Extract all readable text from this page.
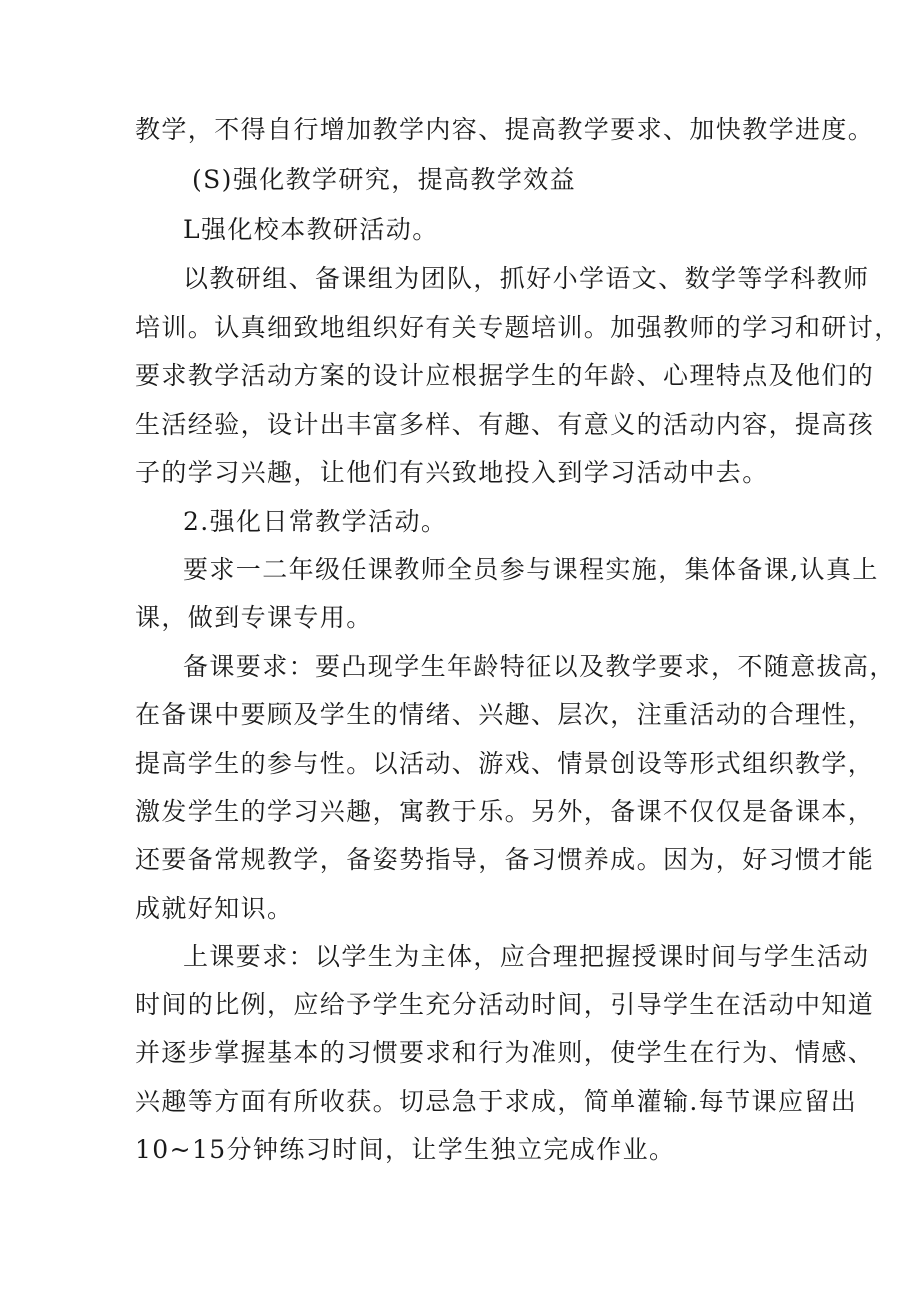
教学，不得自行增加教学内容、提高教学要求、加快教学进度。
(S)强化教学研究，提高教学效益
L强化校本教研活动。
以教研组、备课组为团队，抓好小学语文、数学等学科教师
培训。认真细致地组织好有关专题培训。加强教师的学习和研讨，
要求教学活动方案的设计应根据学生的年龄、心理特点及他们的
生活经验，设计出丰富多样、有趣、有意义的活动内容，提高孩
子的学习兴趣，让他们有兴致地投入到学习活动中去。
2.强化日常教学活动。
要求一二年级任课教师全员参与课程实施，集体备课,认真上
课，做到专课专用。
备课要求：要凸现学生年龄特征以及教学要求，不随意拔高，
在备课中要顾及学生的情绪、兴趣、层次，注重活动的合理性，
提高学生的参与性。以活动、游戏、情景创设等形式组织教学，
激发学生的学习兴趣，寓教于乐。另外，备课不仅仅是备课本，
还要备常规教学，备姿势指导，备习惯养成。因为，好习惯才能
成就好知识。
上课要求：以学生为主体，应合理把握授课时间与学生活动
时间的比例，应给予学生充分活动时间，引导学生在活动中知道
并逐步掌握基本的习惯要求和行为准则，使学生在行为、情感、
兴趣等方面有所收获。切忌急于求成，简单灌输.每节课应留出
10~15分钟练习时间，让学生独立完成作业。
